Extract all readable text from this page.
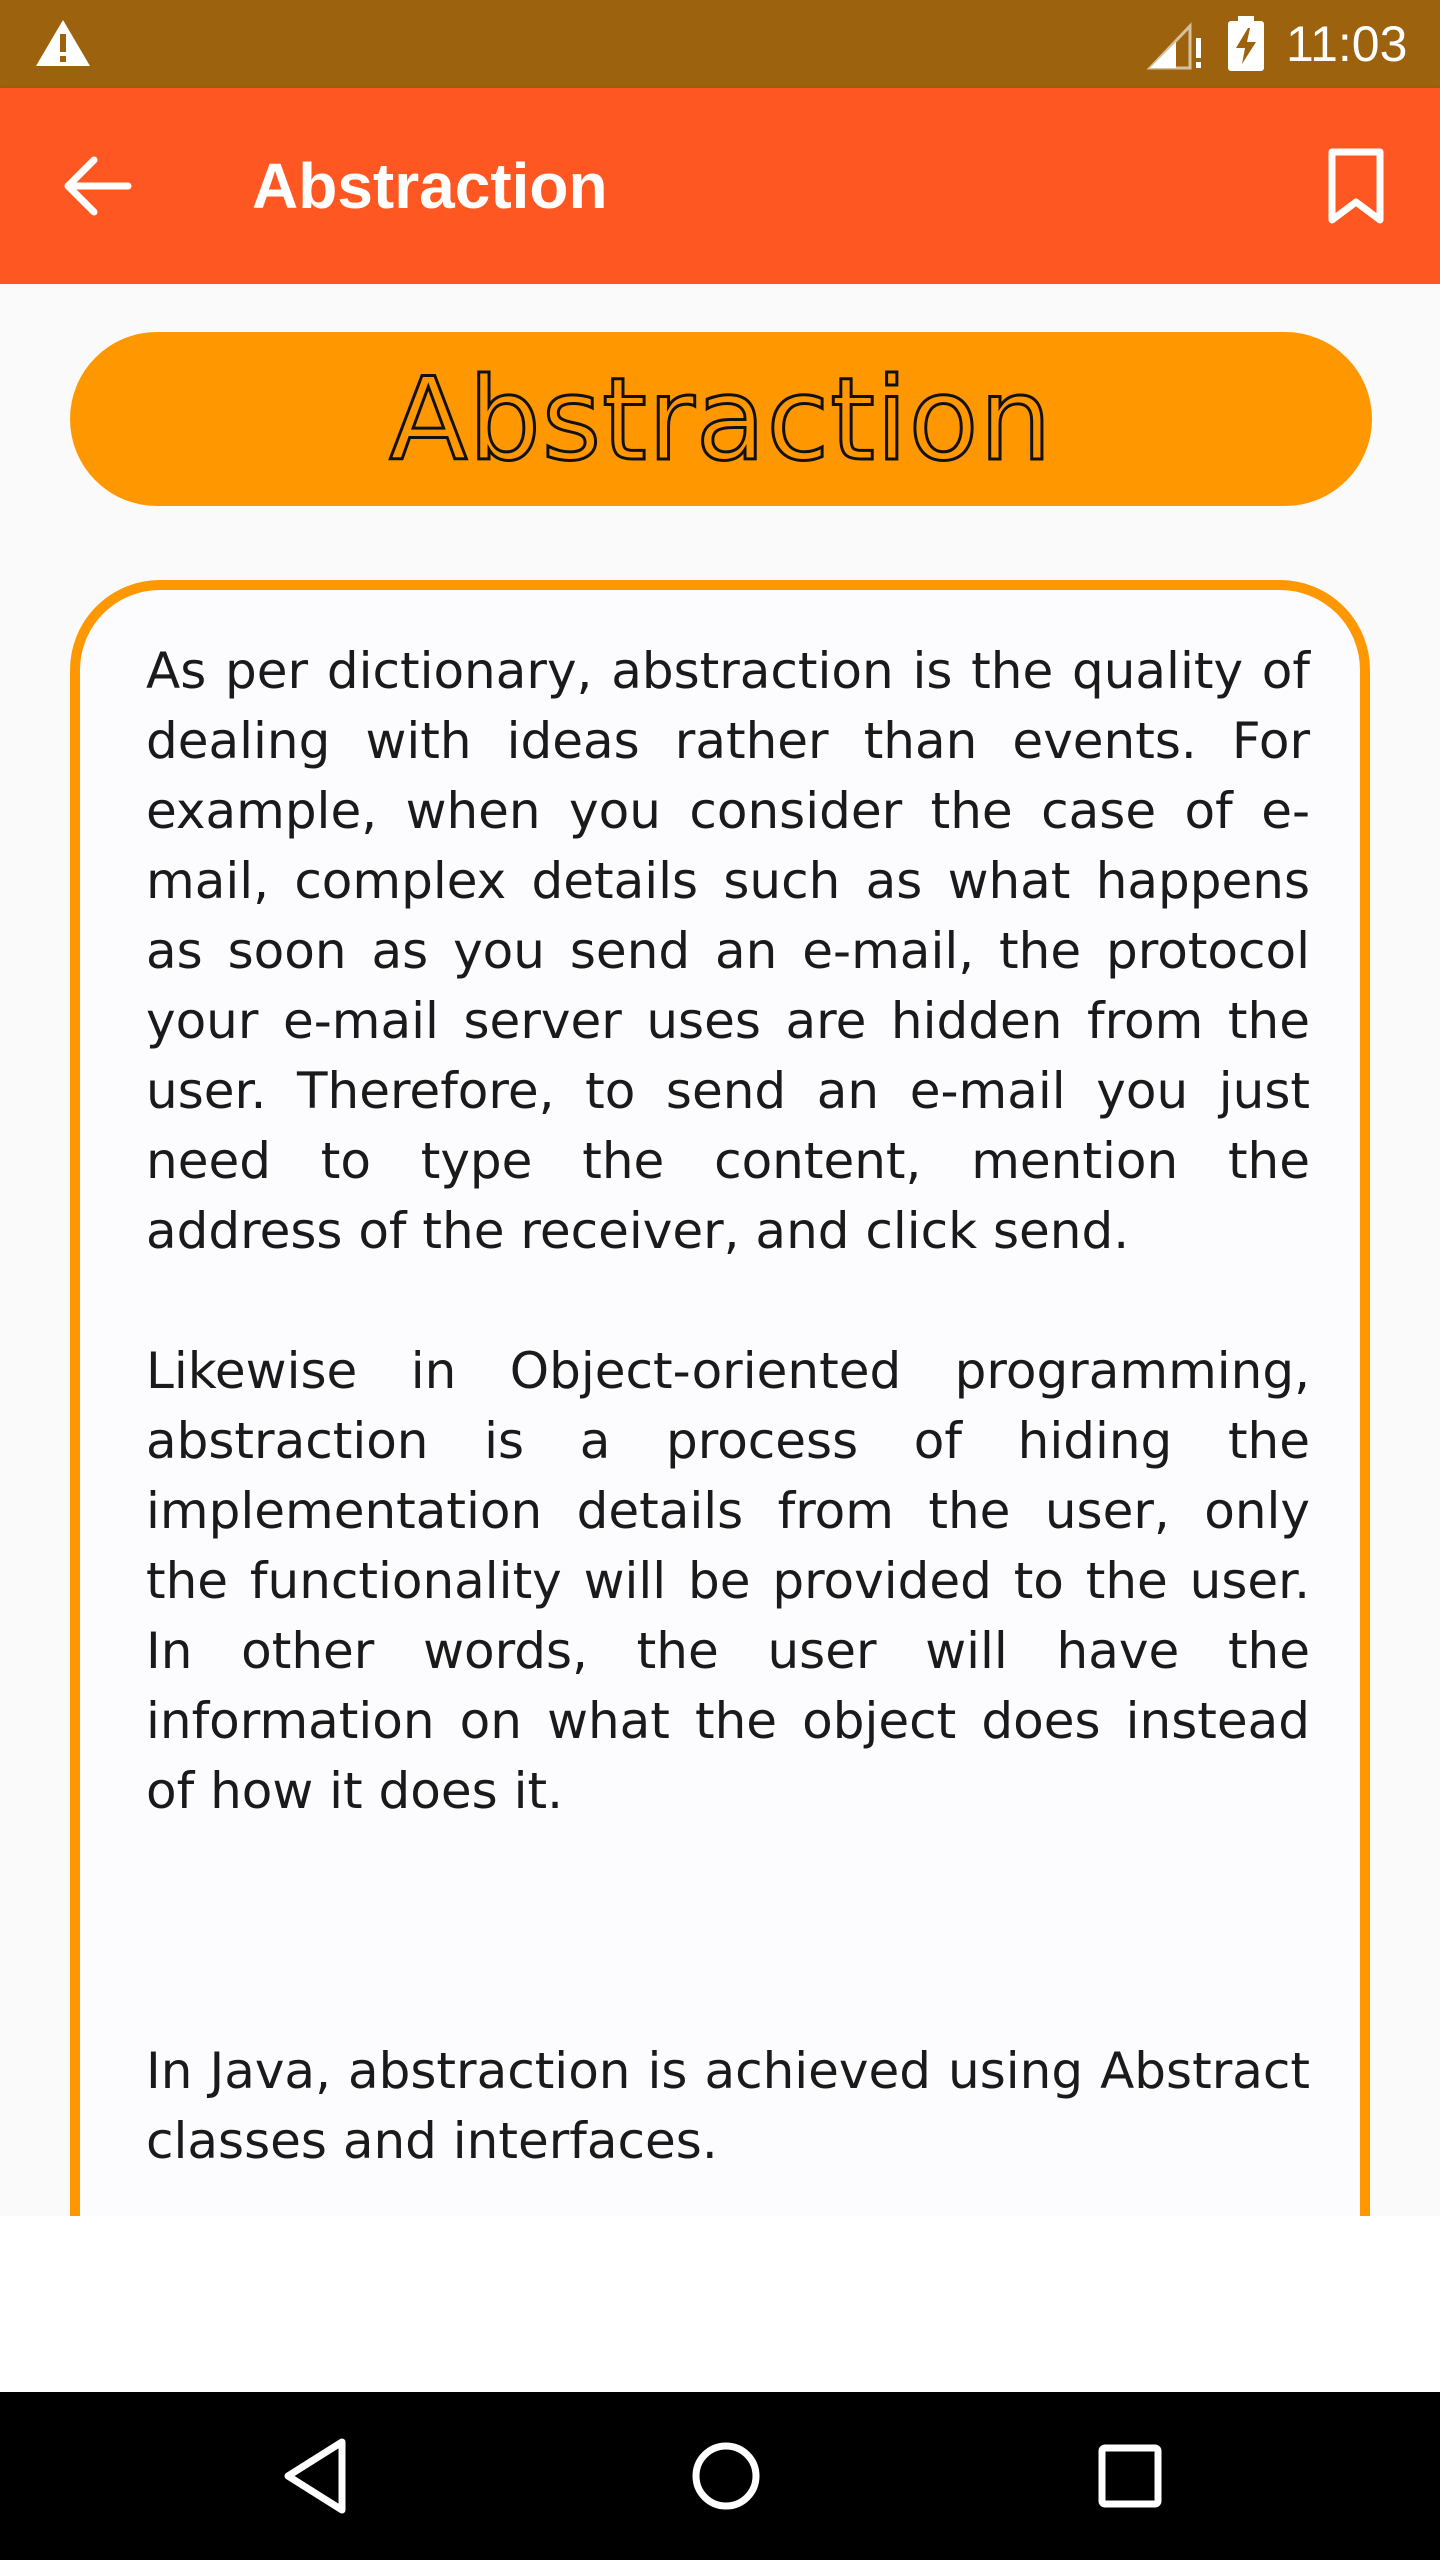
11:03
Abstraction
Abstraction
As per dictionary, abstraction is the quality of dealing with ideas rather than events. For example, when you consider the case of e-mail, complex details such as what happens as soon as you send an e-mail, the protocol your e-mail server uses are hidden from the user. Therefore, to send an e-mail you just need to type the content, mention the address of the receiver, and click send.
Likewise in Object-oriented programming, abstraction is a process of hiding the implementation details from the user, only the functionality will be provided to the user. In other words, the user will have the information on what the object does instead of how it does it.
In Java, abstraction is achieved using Abstract classes and interfaces.
